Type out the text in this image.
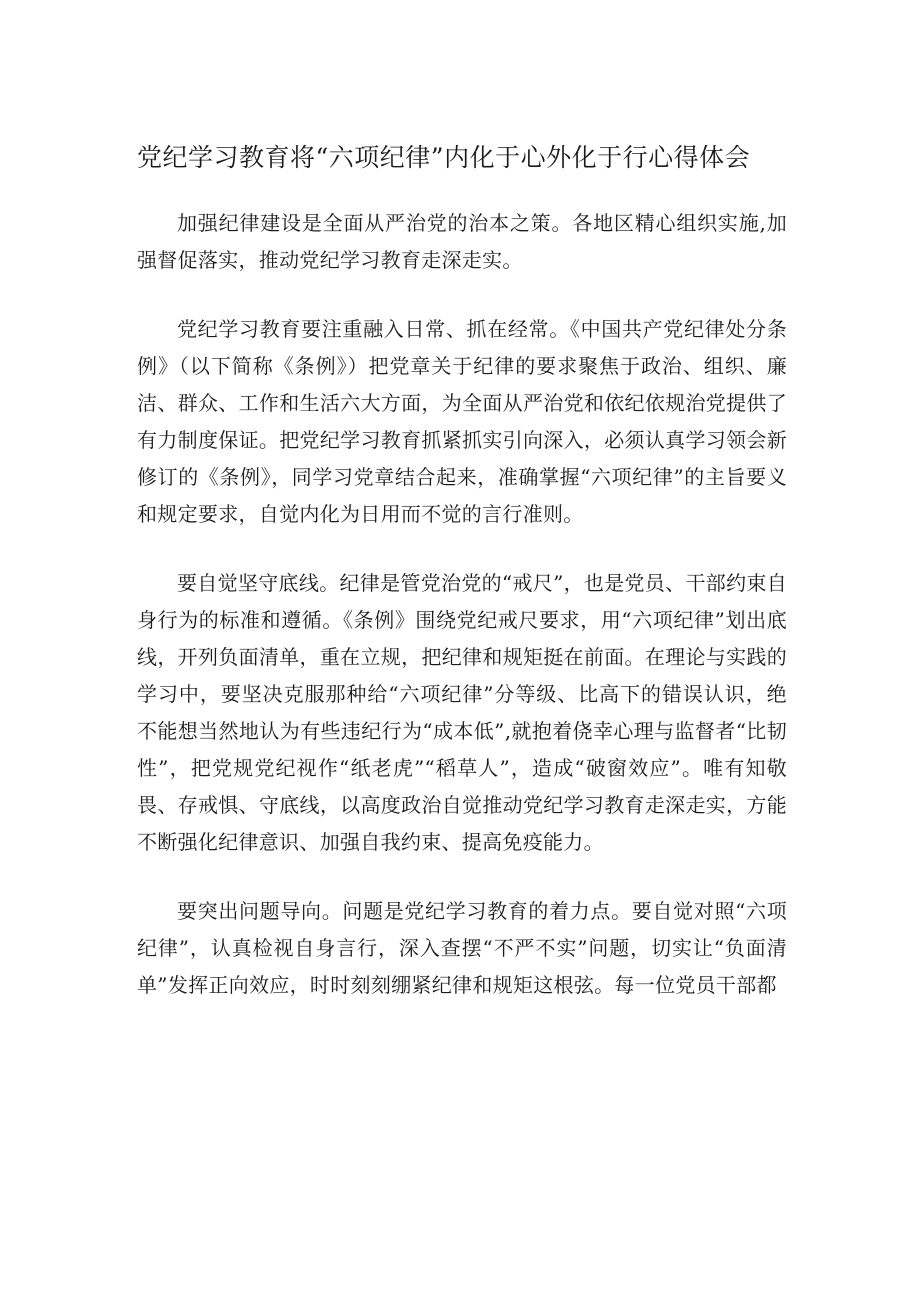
党纪学习教育将“六项纪律”内化于心外化于行心得体会

加强纪律建设是全面从严治党的治本之策。各地区精心组织实施,加强督促落实，推动党纪学习教育走深走实。

党纪学习教育要注重融入日常、抓在经常。《中国共产党纪律处分条例》（以下简称《条例》）把党章关于纪律的要求聚焦于政治、组织、廉洁、群众、工作和生活六大方面，为全面从严治党和依纪依规治党提供了有力制度保证。把党纪学习教育抓紧抓实引向深入，必须认真学习领会新修订的《条例》，同学习党章结合起来，准确掌握“六项纪律”的主旨要义和规定要求，自觉内化为日用而不觉的言行准则。

要自觉坚守底线。纪律是管党治党的“戒尺”，也是党员、干部约束自身行为的标准和遵循。《条例》围绕党纪戒尺要求，用“六项纪律”划出底线，开列负面清单，重在立规，把纪律和规矩挺在前面。在理论与实践的学习中，要坚决克服那种给“六项纪律”分等级、比高下的错误认识，绝不能想当然地认为有些违纪行为“成本低”,就抱着侥幸心理与监督者“比韧性”，把党规党纪视作“纸老虎”“稻草人”，造成“破窗效应”。唯有知敬畏、存戒惧、守底线，以高度政治自觉推动党纪学习教育走深走实，方能不断强化纪律意识、加强自我约束、提高免疫能力。

要突出问题导向。问题是党纪学习教育的着力点。要自觉对照“六项纪律”，认真检视自身言行，深入查摆“不严不实”问题，切实让“负面清单”发挥正向效应，时时刻刻绷紧纪律和规矩这根弦。每一位党员干部都
